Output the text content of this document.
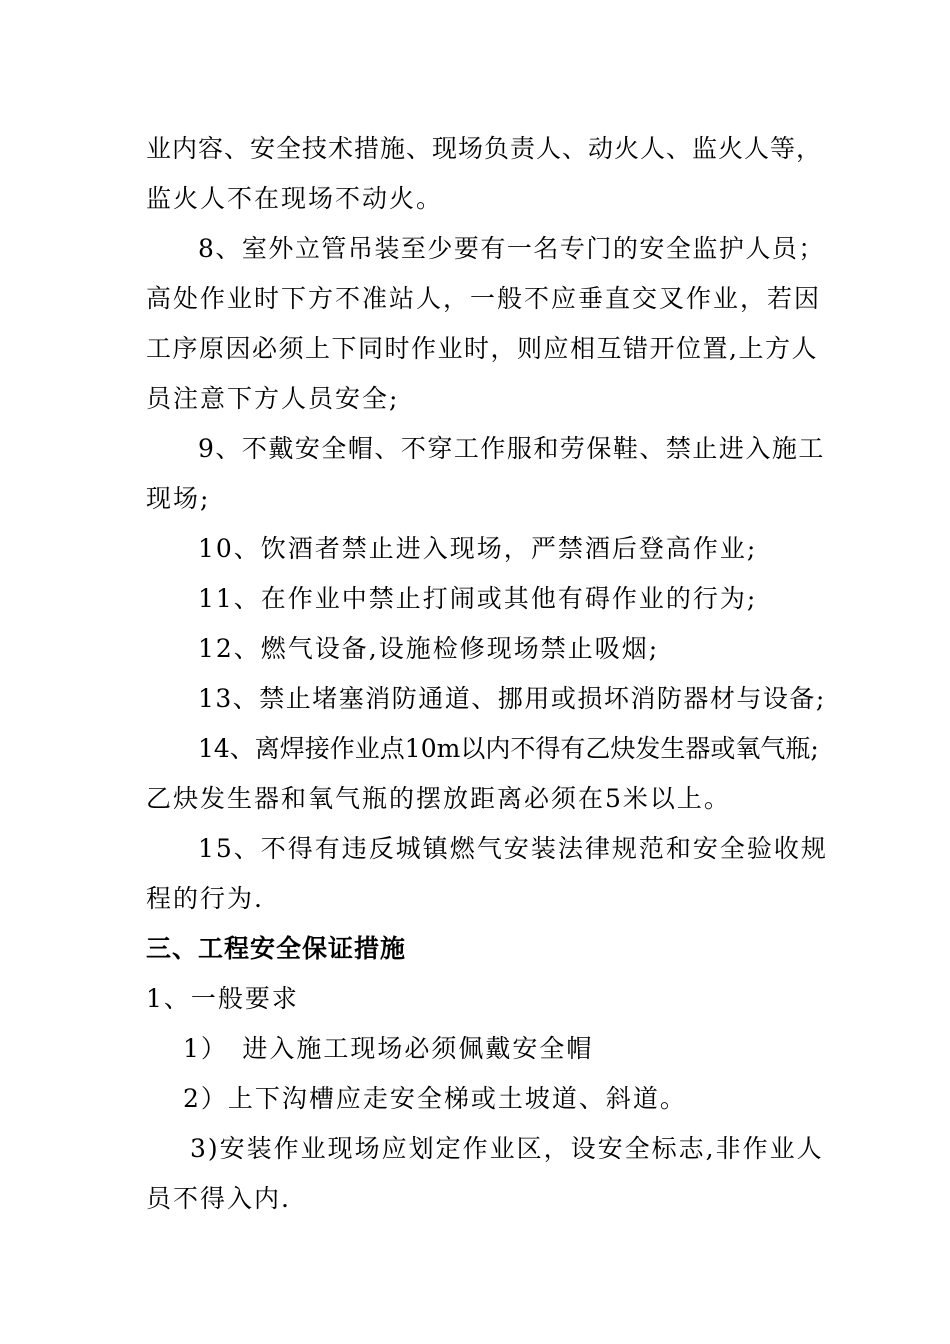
业内容、安全技术措施、现场负责人、动火人、监火人等，
监火人不在现场不动火。
8、室外立管吊装至少要有一名专门的安全监护人员；
高处作业时下方不准站人，一般不应垂直交叉作业，若因
工序原因必须上下同时作业时，则应相互错开位置,上方人
员注意下方人员安全;
9、不戴安全帽、不穿工作服和劳保鞋、禁止进入施工
现场;
10、饮酒者禁止进入现场，严禁酒后登高作业;
11、在作业中禁止打闹或其他有碍作业的行为;
12、燃气设备,设施检修现场禁止吸烟;
13、禁止堵塞消防通道、挪用或损坏消防器材与设备;
14、离焊接作业点10m以内不得有乙炔发生器或氧气瓶;
乙炔发生器和氧气瓶的摆放距离必须在5米以上。
15、不得有违反城镇燃气安装法律规范和安全验收规
程的行为.
三、工程安全保证措施
1、一般要求
1）　进入施工现场必须佩戴安全帽
2）上下沟槽应走安全梯或土坡道、斜道。
3)安装作业现场应划定作业区，设安全标志,非作业人
员不得入内.
